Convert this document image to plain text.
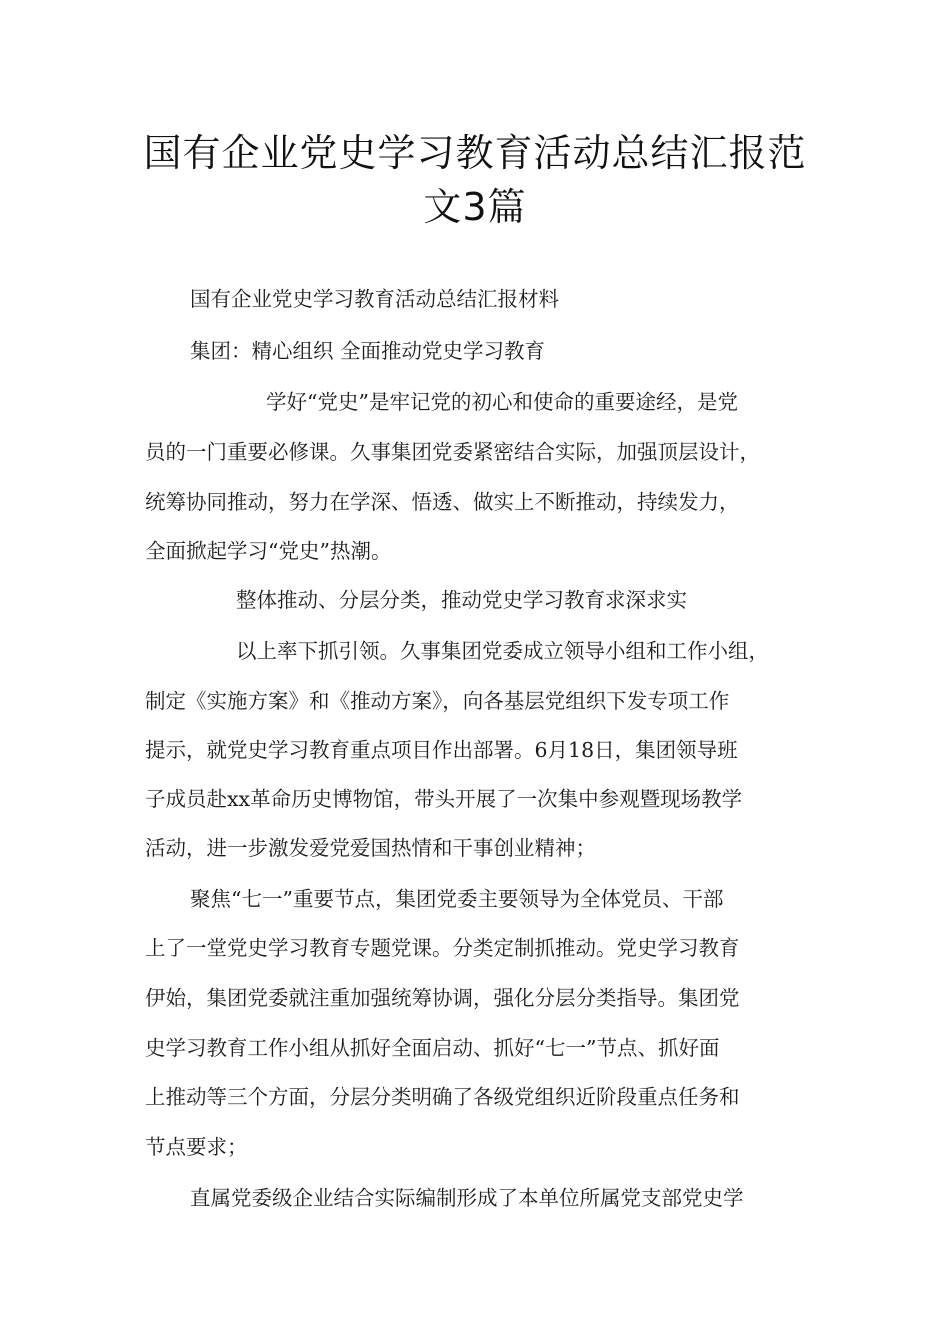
国有企业党史学习教育活动总结汇报范
文3篇
国有企业党史学习教育活动总结汇报材料
集团：精心组织 全面推动党史学习教育
学好“党史”是牢记党的初心和使命的重要途经，是党
员的一门重要必修课。久事集团党委紧密结合实际，加强顶层设计，
统筹协同推动，努力在学深、悟透、做实上不断推动，持续发力，
全面掀起学习“党史”热潮。
整体推动、分层分类，推动党史学习教育求深求实
以上率下抓引领。久事集团党委成立领导小组和工作小组，
制定《实施方案》和《推动方案》，向各基层党组织下发专项工作
提示，就党史学习教育重点项目作出部署。6月18日，集团领导班
子成员赴xx革命历史博物馆，带头开展了一次集中参观暨现场教学
活动，进一步激发爱党爱国热情和干事创业精神；
聚焦“七一”重要节点，集团党委主要领导为全体党员、干部
上了一堂党史学习教育专题党课。分类定制抓推动。党史学习教育
伊始，集团党委就注重加强统筹协调，强化分层分类指导。集团党
史学习教育工作小组从抓好全面启动、抓好“七一”节点、抓好面
上推动等三个方面，分层分类明确了各级党组织近阶段重点任务和
节点要求；
直属党委级企业结合实际编制形成了本单位所属党支部党史学
